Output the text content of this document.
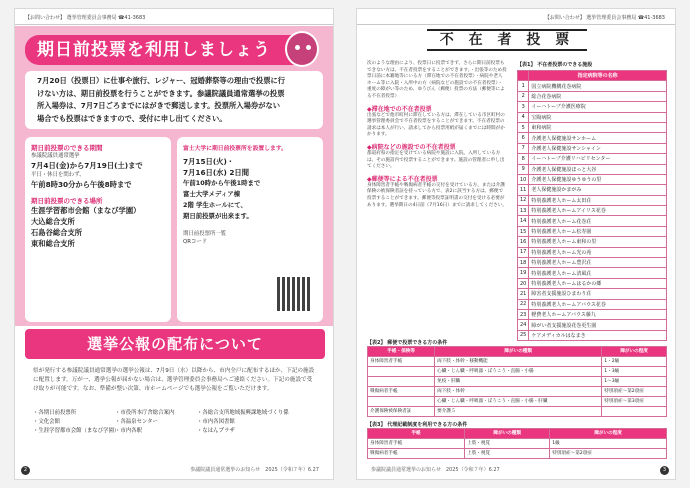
【お問い合わせ】 選挙管理委員会事務局 ☎41-3683
期日前投票を利用しましょう
7月20日（投票日）に仕事や旅行、レジャー、冠婚葬祭等の理由で投票に行けない方は、期日前投票を行うことができます。参議院議員通常選挙の投票所入場券は、7月7日ごろまでにはがきで郵送します。投票所入場券がない場合でも投票はできますので、受付に申し出てください。
期日前投票のできる期間
参議院議員通常選挙
7月4日(金)から7月19日(土)まで
平日・休日を問わず、
午前8時30分から午後8時まで
期日前投票のできる場所
生涯学習都市会館（まなび学園）
大込総合支所
石島谷総合支所
東和総合支所
富士大学に期日前投票所を設置します。
7月15日(火)・
7月16日(水) 2日間
午前10時から午後1時まで
富士大学メディア棟
2階 学生ホールにて、
期日前投票が出来ます。
期日前投票所一覧QRコード
選挙公報の配布について
県が発行する参議院議員通常選挙の選挙公報は、7月9日（水）以降から、市内全戸に配布するほか、下記の施設に配置します。万が一、選挙公報が届かない場合は、選挙管理委員会事務局へご連絡ください。下記の施設で受け取りが可能です。なお、準備が整い次第、市ホームページでも選挙公報をご覧いただけます。
・各期日前投票所	・市役所本庁舎総合案内	・各総合支所地域振興課地域づくり係
・文化会館	・各温泉センター	・市内各図書館
・生涯学習都市会館（まなび学園）
・市内各駅	・なはんプラザ
2	参議院議員通常選挙のお知らせ　2025（令和７年）6.27
【お問い合わせ】 選挙管理委員会事務局 ☎41-3683
不 在 者 投 票
次のような理由により、投票日に投票できず、さらに期日前投票もできない方は、不在者投票をすることができます。・出張等のため投票日前に本籍地等にいる方（滞在地での不在者投票）・病院や老人ホーム等に入院・入所中の方（病院などの施設での不在者投票）・重度の障がい等のため、ゆうびん（郵便）投票の方法（郵便等による不在者投票）
◆滞在地での不在者投票
出張などで他市町村に滞在している方は、滞在している市区町村の選挙管理委員会で不在者投票をすることができます。不在者投票の請求は本人が行い、請求してから投票用紙が届くまでには時間がかかります。
◆病院などの施設での不在者投票
都道府県の指定を受けている病院や施設に入院、入所している方は、その施設内で投票することができます。施設の管理者に申し出てください。
◆郵便等による不在者投票
身体障害者手帳や戦傷病者手帳の交付を受けている方、または介護保険の被保険者証を持っている方で、表2に該当する方は、郵便で投票することができます。郵便等投票証明書の交付を受ける必要があります。選挙期日の4日前（7月16日）までに請求してください。
【表1】 不在者投票のできる施設
	指定病院等の名称
1	国立病院機構花巻病院
2	総合花巻病院
3	イーハトーブ介護医療院
4	宝陽病院
5	東和病院
6	介護老人保健施設サンホーム
7	介護老人保健施設サンシャイン
8	イーハトーブ介護リハビリセンター
9	介護老人保健施設ほっと大谷
10	介護老人保健施設ゆうゆうの里
11	老人保健施設かまがみ
12	特別養護老人ホーム太田荘
13	特別養護老人ホームアイリス花巻
14	特別養護老人ホーム花巻荘
15	特別養護老人ホーム松寿園
16	特別養護老人ホーム東和の里
17	特別養護老人ホーム光の苑
18	特別養護老人ホーム豊沢荘
19	特別養護老人ホーム清風荘
20	特別養護老人ホームはるかの郷
21	障害者支援施設ひまわり荘
22	特別養護老人ホームアバウス花巻
23	軽費老人ホームアバウス藤九
24	障がい者支援施設花巻更生園
25	ケアメディカルはなまき
【表2】 郵便で投票できる方の条件
手帳・保険等	障がいの種類	障がいの程度
身体障害者手帳	両下肢・体幹・移動機能	1・2級
	心臓・じん臓・呼吸器・ぼうこう・直腸・小腸	1・3級
	免疫・肝臓	1〜3級
戦傷病者手帳	両下肢・体幹	特別項症〜第2項症
	心臓・じん臓・呼吸器・ぼうこう・直腸・小腸・肝臓	特別項症〜第3項症
介護保険被保険者証	要介護５	
【表3】 代理記載制度を利用できる方の条件
手帳	障がいの種類	障がいの程度
身体障害者手帳	上肢・視覚	1級
戦傷病者手帳	上肢・視覚	特別項症〜第2項症
3
参議院議員通常選挙のお知らせ　2025（令和７年）6.27
